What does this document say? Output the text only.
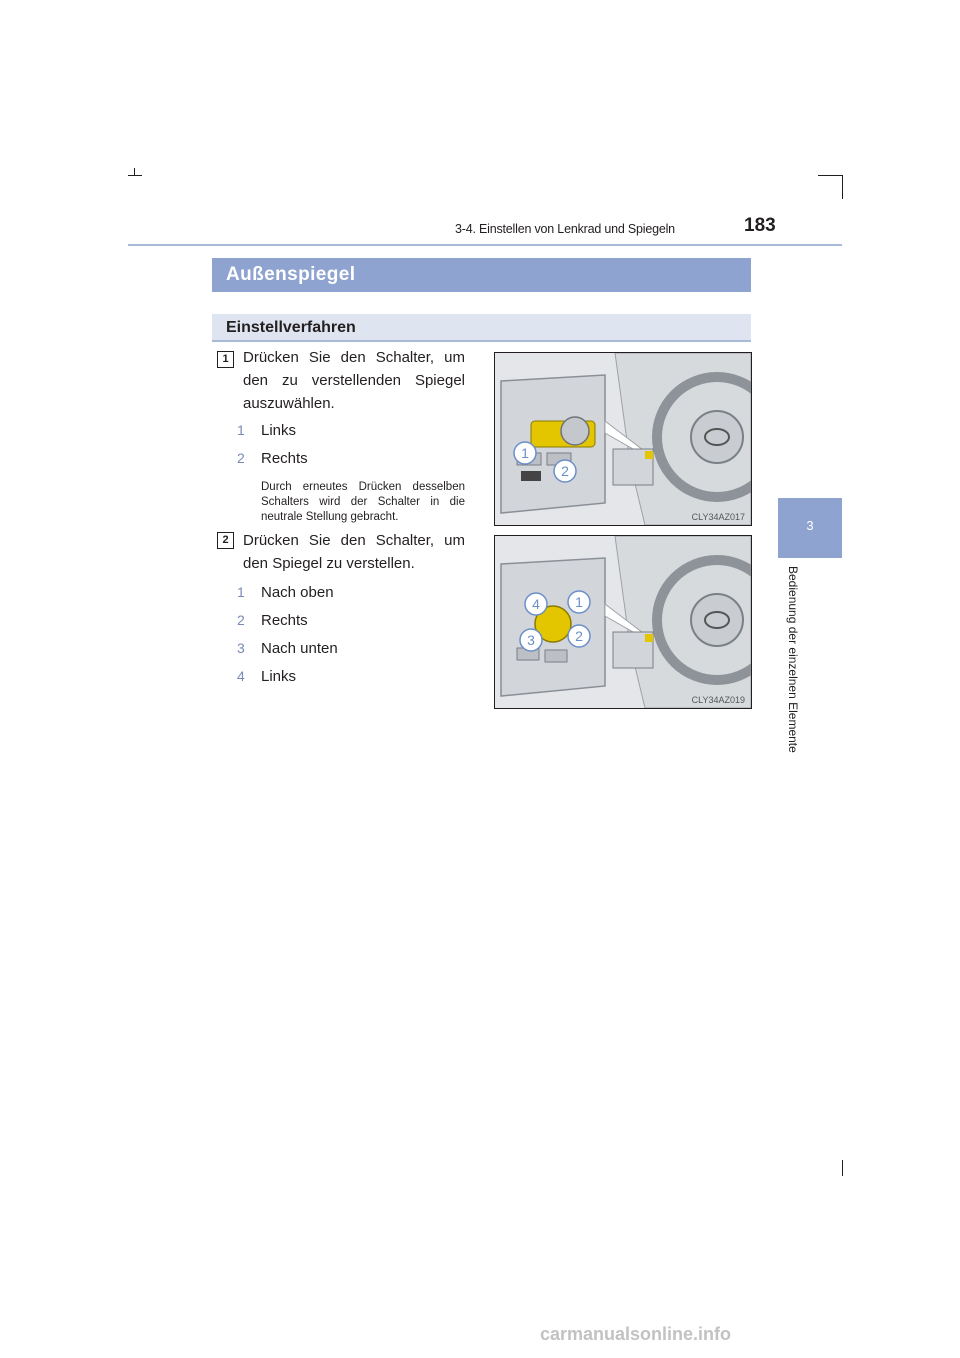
3-4. Einstellen von Lenkrad und Spiegeln	183
3
Bedienung der einzelnen Elemente
Außenspiegel
Einstellverfahren
1 Drücken Sie den Schalter, um den zu verstellenden Spiegel auszuwählen.
1 Links
2 Rechts
Durch erneutes Drücken desselben Schalters wird der Schalter in die neutrale Stellung gebracht.
1
2
CLY34AZ017
2 Drücken Sie den Schalter, um den Spiegel zu verstellen.
1 Nach oben
2 Rechts
3 Nach unten
4 Links
1
2
3
4
CLY34AZ019
carmanualsonline.info
